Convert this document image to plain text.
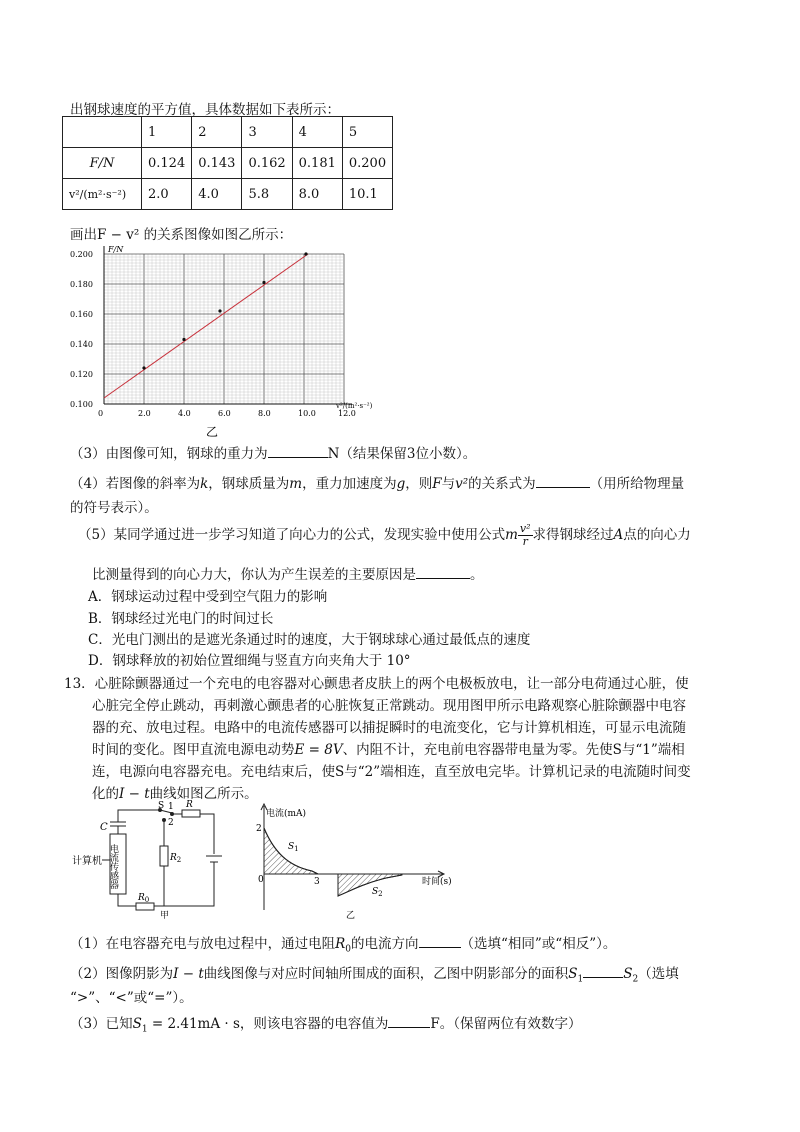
出钢球速度的平方值，具体数据如下表所示：
	1	2	3	4	5
F/N	0.124	0.143	0.162	0.181	0.200
v²/(m²·s⁻²)	2.0	4.0	5.8	8.0	10.1
画出F − v² 的关系图像如图乙所示：
0	2.0	4.0	6.0	8.0	10.0	12.0
0.100
0.120
0.140
0.160
0.180
0.200
F/N
v²/(m²·s⁻²)
乙
（3）由图像可知，钢球的重力为	N（结果保留3位小数）。
（4）若图像的斜率为k，钢球质量为m，重力加速度为g，则F与v²的关系式为	（用所给物理量
的符号表示）。
（5）某同学通过进一步学习知道了向心力的公式，发现实验中使用公式m $\frac{\text{v²}}{r}$ 求得钢球经过A点的向心力
比测量得到的向心力大，你认为产生误差的主要原因是	。
A．钢球运动过程中受到空气阻力的影响
B．钢球经过光电门的时间过长
C．光电门测出的是遮光条通过时的速度，大于钢球球心通过最低点的速度
D．钢球释放的初始位置细绳与竖直方向夹角大于 10°
13．心脏除颤器通过一个充电的电容器对心颤患者皮肤上的两个电极板放电，让一部分电荷通过心脏，使
心脏完全停止跳动，再刺激心颤患者的心脏恢复正常跳动。现用图甲所示电路观察心脏除颤器中电容
器的充、放电过程。电路中的电流传感器可以捕捉瞬时的电流变化，它与计算机相连，可显示电流随
时间的变化。图甲直流电源电动势E = 8V、内阻不计，充电前电容器带电量为零。先使S与“1”端相
连，电源向电容器充电。充电结束后，使S与“2”端相连，直至放电完毕。计算机记录的电流随时间变
化的I − t曲线如图乙所示。
计算机 电流传感器
C
S 1
2
R
$R_2$
$R_0$
甲
电流(mA)
2
0	3	时间(s)
$S_1$
$S_2$
乙
（1）在电容器充电与放电过程中，通过电阻$R_0$的电流方向	（选填“相同”或“相反”）。
（2）图像阴影为I − t曲线图像与对应时间轴所围成的面积，乙图中阴影部分的面积$S_1$	$S_2$（选填
“>”、“<”或“=”）。
（3）已知$S_1 = 2.41mA \cdot s$，则该电容器的电容值为	F。（保留两位有效数字）
